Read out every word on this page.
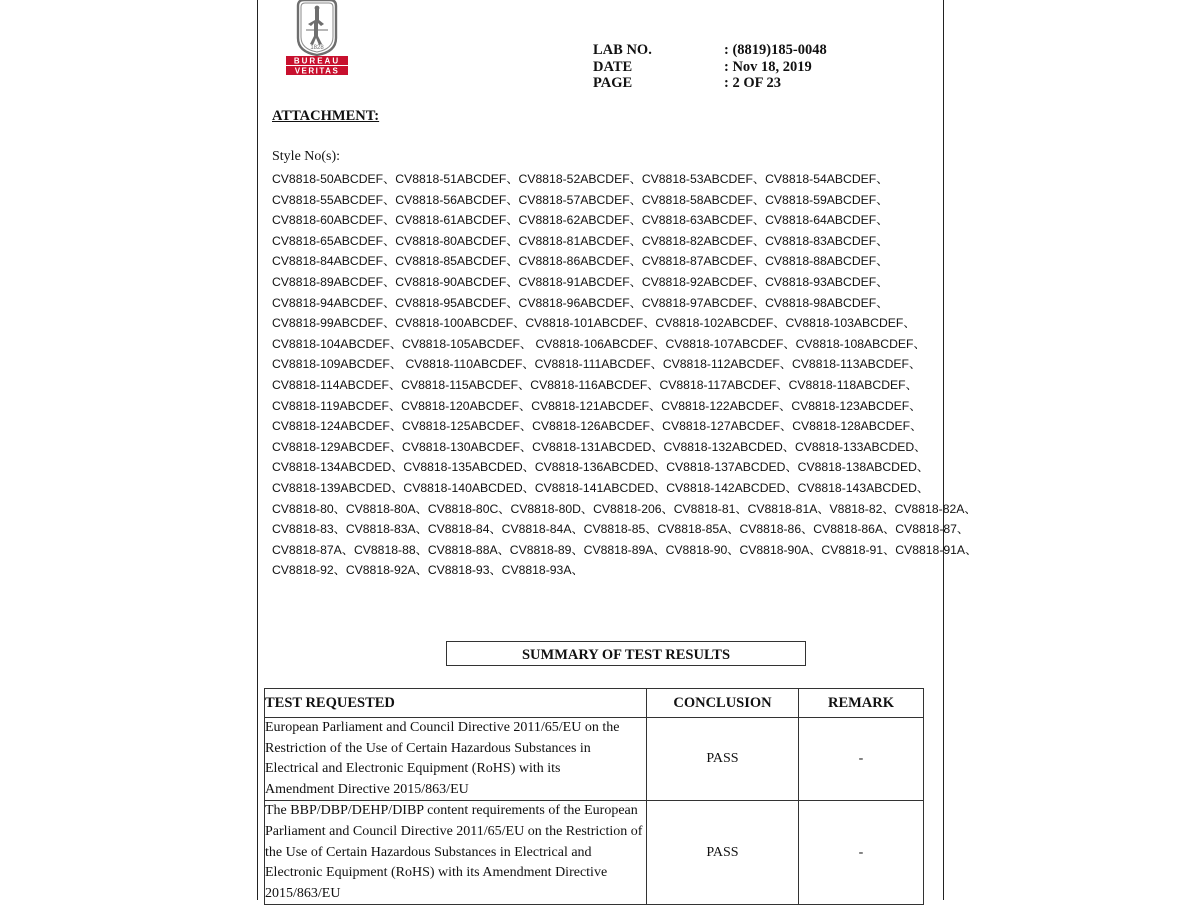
1828
BUREAU
VERITAS
LAB NO.	: (8819)185-0048
DATE	: Nov 18, 2019
PAGE	: 2 OF 23
ATTACHMENT:
Style No(s):
CV8818-50ABCDEF、CV8818-51ABCDEF、CV8818-52ABCDEF、CV8818-53ABCDEF、CV8818-54ABCDEF、
CV8818-55ABCDEF、CV8818-56ABCDEF、CV8818-57ABCDEF、CV8818-58ABCDEF、CV8818-59ABCDEF、
CV8818-60ABCDEF、CV8818-61ABCDEF、CV8818-62ABCDEF、CV8818-63ABCDEF、CV8818-64ABCDEF、
CV8818-65ABCDEF、CV8818-80ABCDEF、CV8818-81ABCDEF、CV8818-82ABCDEF、CV8818-83ABCDEF、
CV8818-84ABCDEF、CV8818-85ABCDEF、CV8818-86ABCDEF、CV8818-87ABCDEF、CV8818-88ABCDEF、
CV8818-89ABCDEF、CV8818-90ABCDEF、CV8818-91ABCDEF、CV8818-92ABCDEF、CV8818-93ABCDEF、
CV8818-94ABCDEF、CV8818-95ABCDEF、CV8818-96ABCDEF、CV8818-97ABCDEF、CV8818-98ABCDEF、
CV8818-99ABCDEF、CV8818-100ABCDEF、CV8818-101ABCDEF、CV8818-102ABCDEF、CV8818-103ABCDEF、
CV8818-104ABCDEF、CV8818-105ABCDEF、 CV8818-106ABCDEF、CV8818-107ABCDEF、CV8818-108ABCDEF、
CV8818-109ABCDEF、 CV8818-110ABCDEF、CV8818-111ABCDEF、CV8818-112ABCDEF、CV8818-113ABCDEF、
CV8818-114ABCDEF、CV8818-115ABCDEF、CV8818-116ABCDEF、CV8818-117ABCDEF、CV8818-118ABCDEF、
CV8818-119ABCDEF、CV8818-120ABCDEF、CV8818-121ABCDEF、CV8818-122ABCDEF、CV8818-123ABCDEF、
CV8818-124ABCDEF、CV8818-125ABCDEF、CV8818-126ABCDEF、CV8818-127ABCDEF、CV8818-128ABCDEF、
CV8818-129ABCDEF、CV8818-130ABCDEF、CV8818-131ABCDED、CV8818-132ABCDED、CV8818-133ABCDED、
CV8818-134ABCDED、CV8818-135ABCDED、CV8818-136ABCDED、CV8818-137ABCDED、CV8818-138ABCDED、
CV8818-139ABCDED、CV8818-140ABCDED、CV8818-141ABCDED、CV8818-142ABCDED、CV8818-143ABCDED、
CV8818-80、CV8818-80A、CV8818-80C、CV8818-80D、CV8818-206、CV8818-81、CV8818-81A、V8818-82、CV8818-82A、
CV8818-83、CV8818-83A、CV8818-84、CV8818-84A、CV8818-85、CV8818-85A、CV8818-86、CV8818-86A、CV8818-87、
CV8818-87A、CV8818-88、CV8818-88A、CV8818-89、CV8818-89A、CV8818-90、CV8818-90A、CV8818-91、CV8818-91A、
CV8818-92、CV8818-92A、CV8818-93、CV8818-93A、
SUMMARY OF TEST RESULTS
TEST REQUESTED	CONCLUSION	REMARK

European Parliament and Council Directive 2011/65/EU on the
Restriction of the Use of Certain Hazardous Substances in
Electrical and Electronic Equipment (RoHS) with its
Amendment Directive 2015/863/EU	PASS	-

The BBP/DBP/DEHP/DIBP content requirements of the European
Parliament and Council Directive 2011/65/EU on the Restriction of
the Use of Certain Hazardous Substances in Electrical and
Electronic Equipment (RoHS) with its Amendment Directive
2015/863/EU	PASS	-
